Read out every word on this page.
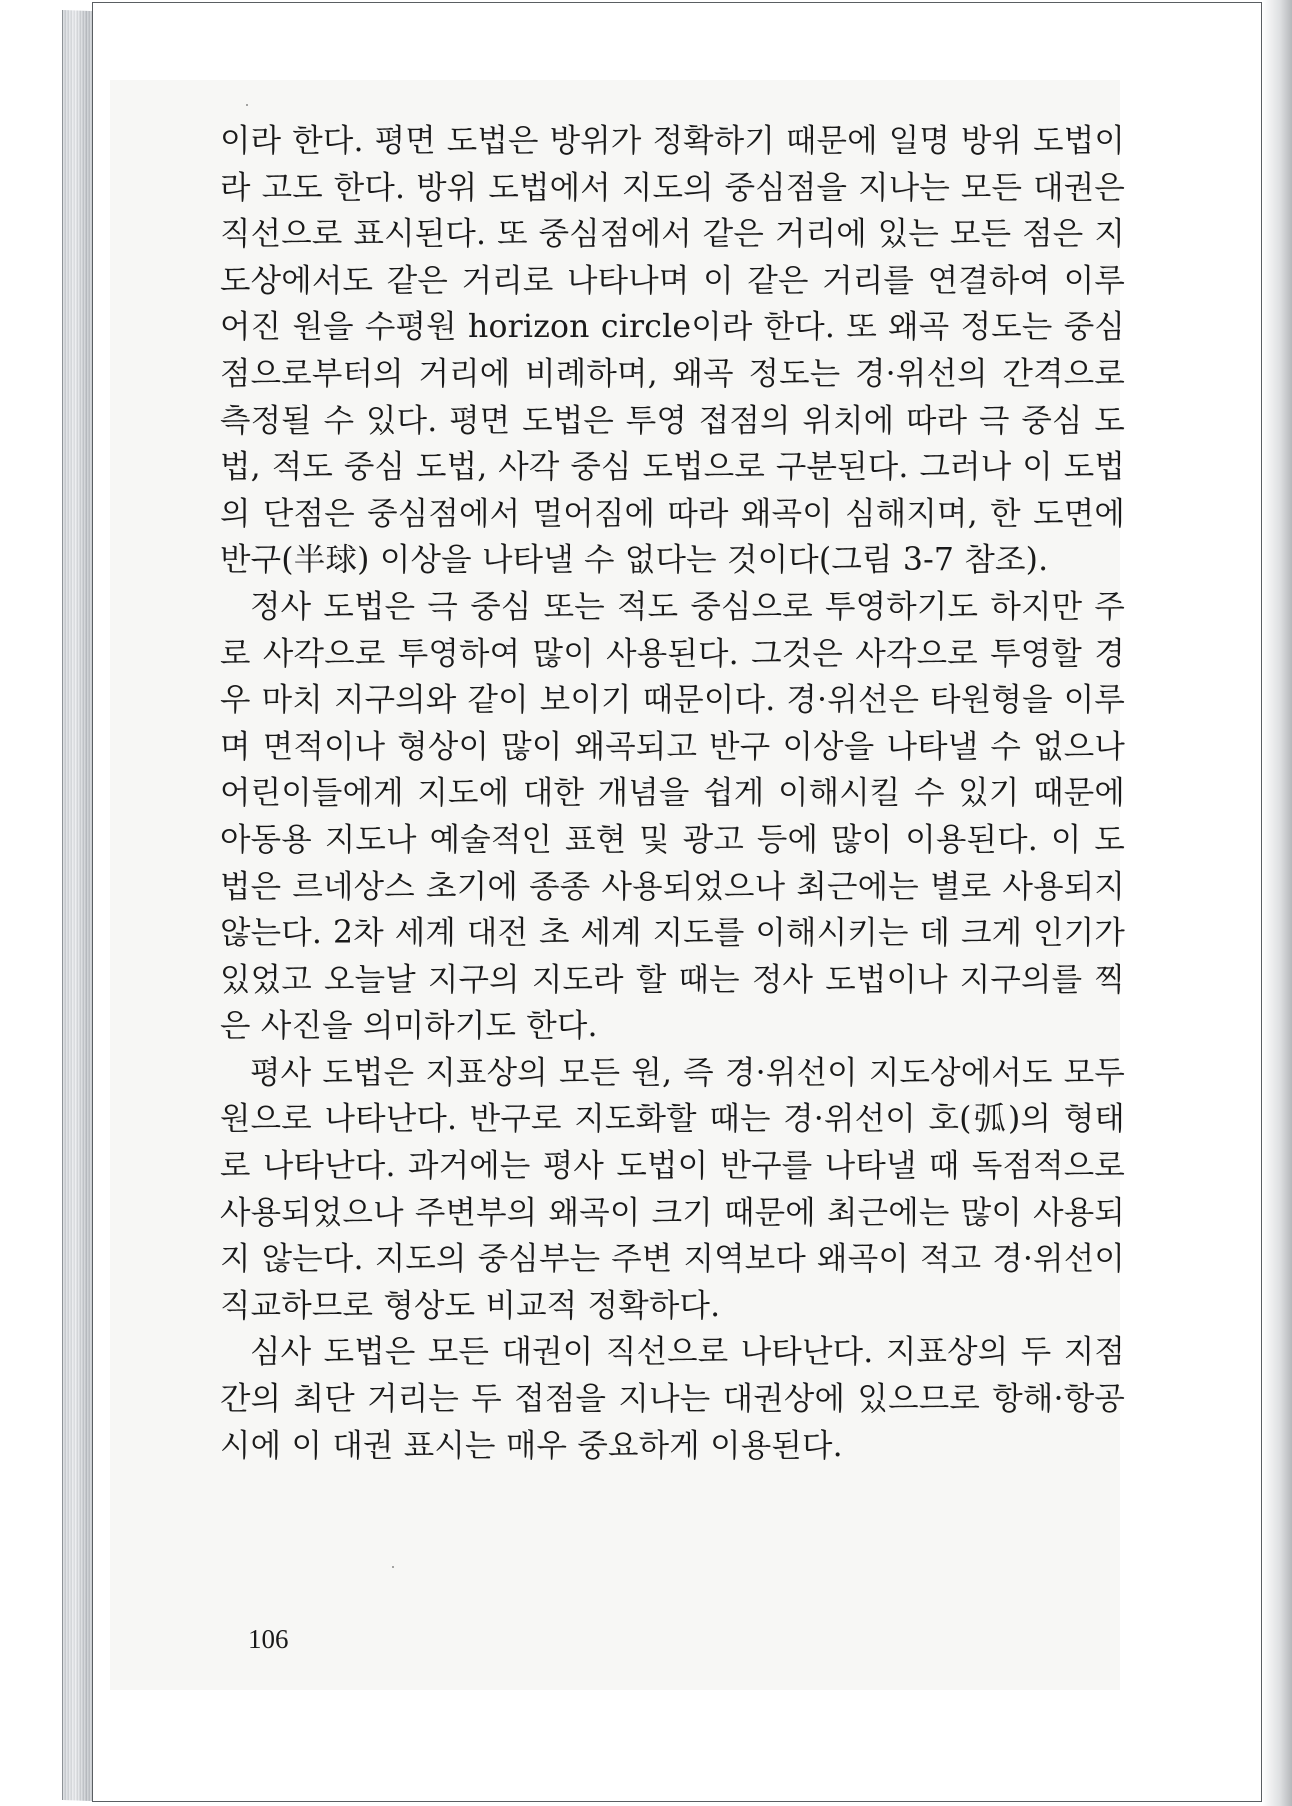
이라 한다. 평면 도법은 방위가 정확하기 때문에 일명 방위 도법이라 고도 한다. 방위 도법에서 지도의 중심점을 지나는 모든 대권은 직선으로 표시된다. 또 중심점에서 같은 거리에 있는 모든 점은 지도상에서도 같은 거리로 나타나며 이 같은 거리를 연결하여 이루어진 원을 수평원 horizon circle이라 한다. 또 왜곡 정도는 중심점으로부터의 거리에 비례하며, 왜곡 정도는 경·위선의 간격으로 측정될 수 있다. 평면 도법은 투영 접점의 위치에 따라 극 중심 도법, 적도 중심 도법, 사각 중심 도법으로 구분된다. 그러나 이 도법의 단점은 중심점에서 멀어짐에 따라 왜곡이 심해지며, 한 도면에 반구(半球) 이상을 나타낼 수 없다는 것이다(그림 3-7 참조).

정사 도법은 극 중심 또는 적도 중심으로 투영하기도 하지만 주로 사각으로 투영하여 많이 사용된다. 그것은 사각으로 투영할 경우 마치 지구의와 같이 보이기 때문이다. 경·위선은 타원형을 이루며 면적이나 형상이 많이 왜곡되고 반구 이상을 나타낼 수 없으나 어린이들에게 지도에 대한 개념을 쉽게 이해시킬 수 있기 때문에 아동용 지도나 예술적인 표현 및 광고 등에 많이 이용된다. 이 도법은 르네상스 초기에 종종 사용되었으나 최근에는 별로 사용되지 않는다. 2차 세계 대전 초 세계 지도를 이해시키는 데 크게 인기가 있었고 오늘날 지구의 지도라 할 때는 정사 도법이나 지구의를 찍은 사진을 의미하기도 한다.

평사 도법은 지표상의 모든 원, 즉 경·위선이 지도상에서도 모두 원으로 나타난다. 반구로 지도화할 때는 경·위선이 호(弧)의 형태로 나타난다. 과거에는 평사 도법이 반구를 나타낼 때 독점적으로 사용되었으나 주변부의 왜곡이 크기 때문에 최근에는 많이 사용되지 않는다. 지도의 중심부는 주변 지역보다 왜곡이 적고 경·위선이 직교하므로 형상도 비교적 정확하다.

심사 도법은 모든 대권이 직선으로 나타난다. 지표상의 두 지점 간의 최단 거리는 두 접점을 지나는 대권상에 있으므로 항해·항공시에 이 대권 표시는 매우 중요하게 이용된다.

106
